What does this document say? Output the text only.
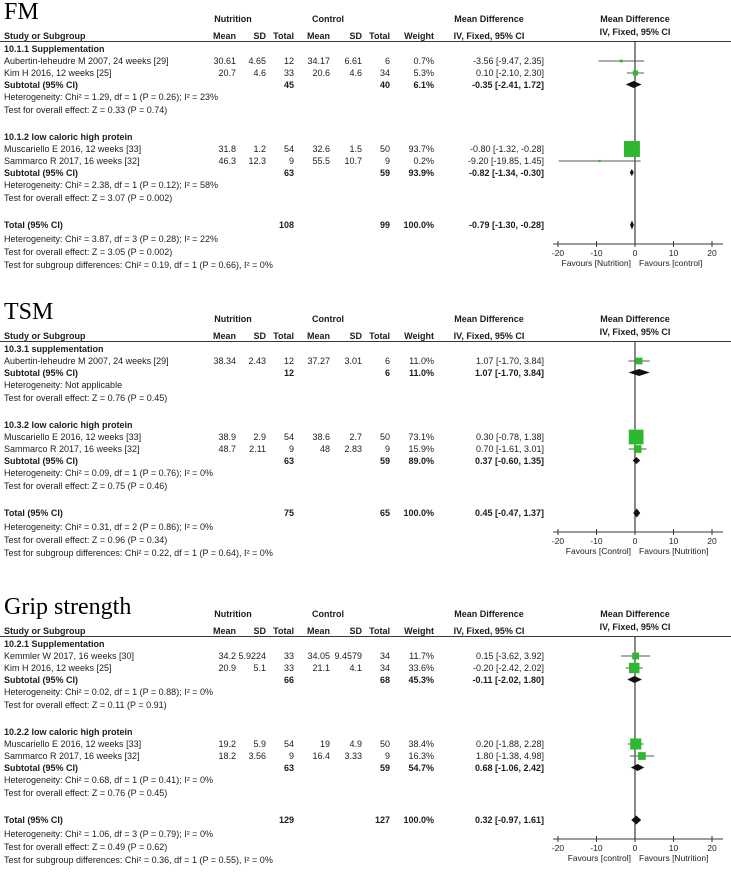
FM	Nutrition	Control	Mean Difference	Mean Difference
Study or Subgroup	Mean	SD Total	Mean	SD Total	Weight	IV, Fixed, 95% CI	IV, Fixed, 95% CI
10.1.1 Supplementation
Aubertin-leheudre M 2007, 24 weeks [29]	30.61	4.65	12	34.17	6.61	6	0.7%	-3.56 [-9.47, 2.35]
Kim H 2016, 12 weeks [25]	20.7	4.6	33	20.6	4.6	34	5.3%	0.10 [-2.10, 2.30]
Subtotal (95% CI)	45	40	6.1%	-0.35 [-2.41, 1.72]
Heterogeneity: Chi² = 1.29, df = 1 (P = 0.26); I² = 23%
Test for overall effect: Z = 0.33 (P = 0.74)
10.1.2 low caloric high protein
Muscariello E 2016, 12 weeks [33]	31.8	1.2	54	32.6	1.5	50	93.7%	-0.80 [-1.32, -0.28]
Sammarco R 2017, 16 weeks [32]	46.3	12.3	9	55.5	10.7	9	0.2%	-9.20 [-19.85, 1.45]
Subtotal (95% CI)	63	59	93.9%	-0.82 [-1.34, -0.30]
Heterogeneity: Chi² = 2.38, df = 1 (P = 0.12); I² = 58%
Test for overall effect: Z = 3.07 (P = 0.002)
Total (95% CI)	108	99	100.0%	-0.79 [-1.30, -0.28]
Heterogeneity: Chi² = 3.87, df = 3 (P = 0.28); I² = 22%
Test for overall effect: Z = 3.05 (P = 0.002)
Test for subgroup differences: Chi² = 0.19, df = 1 (P = 0.66), I² = 0%
-20	-10	0	10	20
Favours [Nutrition] Favours [control]
TSM	Nutrition	Control	Mean Difference	Mean Difference
Study or Subgroup	Mean	SD Total	Mean	SD Total	Weight	IV, Fixed, 95% CI	IV, Fixed, 95% CI
10.3.1 supplementation
Aubertin-leheudre M 2007, 24 weeks [29]	38.34	2.43	12	37.27	3.01	6	11.0%	1.07 [-1.70, 3.84]
Subtotal (95% CI)	12	6	11.0%	1.07 [-1.70, 3.84]
Heterogeneity: Not applicable
Test for overall effect: Z = 0.76 (P = 0.45)
10.3.2 low caloric high protein
Muscariello E 2016, 12 weeks [33]	38.9	2.9	54	38.6	2.7	50	73.1%	0.30 [-0.78, 1.38]
Sammarco R 2017, 16 weeks [32]	48.7	2.11	9	48	2.83	9	15.9%	0.70 [-1.61, 3.01]
Subtotal (95% CI)	63	59	89.0%	0.37 [-0.60, 1.35]
Heterogeneity: Chi² = 0.09, df = 1 (P = 0.76); I² = 0%
Test for overall effect: Z = 0.75 (P = 0.46)
Total (95% CI)	75	65	100.0%	0.45 [-0.47, 1.37]
Heterogeneity: Chi² = 0.31, df = 2 (P = 0.86); I² = 0%
Test for overall effect: Z = 0.96 (P = 0.34)
Test for subgroup differences: Chi² = 0.22, df = 1 (P = 0.64), I² = 0%
-20	-10	0	10	20
Favours [Control] Favours [Nutrition]
Grip strength	Nutrition	Control	Mean Difference	Mean Difference
Study or Subgroup	Mean	SD Total	Mean	SD Total	Weight	IV, Fixed, 95% CI	IV, Fixed, 95% CI
10.2.1 Supplementation
Kemmler W 2017, 16 weeks [30]	34.2 5.9224	33	34.05 9.4579	34	11.7%	0.15 [-3.62, 3.92]
Kim H 2016, 12 weeks [25]	20.9	5.1	33	21.1	4.1	34	33.6%	-0.20 [-2.42, 2.02]
Subtotal (95% CI)	66	68	45.3%	-0.11 [-2.02, 1.80]
Heterogeneity: Chi² = 0.02, df = 1 (P = 0.88); I² = 0%
Test for overall effect: Z = 0.11 (P = 0.91)
10.2.2 low caloric high protein
Muscariello E 2016, 12 weeks [33]	19.2	5.9	54	19	4.9	50	38.4%	0.20 [-1.88, 2.28]
Sammarco R 2017, 16 weeks [32]	18.2	3.56	9	16.4	3.33	9	16.3%	1.80 [-1.38, 4.98]
Subtotal (95% CI)	63	59	54.7%	0.68 [-1.06, 2.42]
Heterogeneity: Chi² = 0.68, df = 1 (P = 0.41); I² = 0%
Test for overall effect: Z = 0.76 (P = 0.45)
Total (95% CI)	129	127	100.0%	0.32 [-0.97, 1.61]
Heterogeneity: Chi² = 1.06, df = 3 (P = 0.79); I² = 0%
Test for overall effect: Z = 0.49 (P = 0.62)
Test for subgroup differences: Chi² = 0.36, df = 1 (P = 0.55), I² = 0%
-20	-10	0	10	20
Favours [control] Favours [Nutrition]
